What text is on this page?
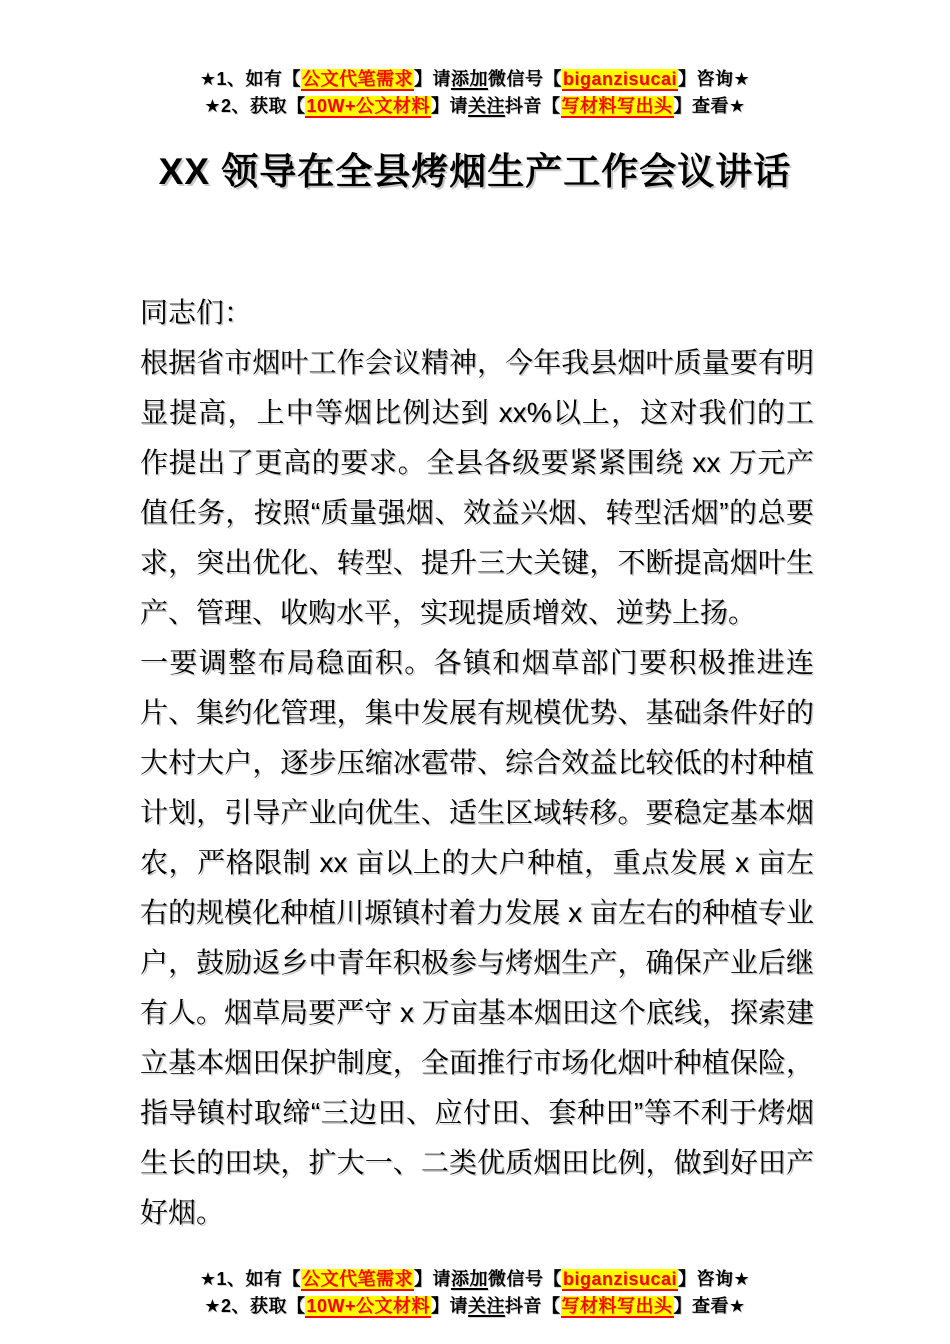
★1、如有【公文代笔需求】请添加微信号【biganzisucai】咨询★
★2、获取【10W+公文材料】请关注抖音【写材料写出头】查看★
XX 领导在全县烤烟生产工作会议讲话

同志们：

根据省市烟叶工作会议精神，今年我县烟叶质量要有明显提高，上中等烟比例达到 xx%以上，这对我们的工作提出了更高的要求。全县各级要紧紧围绕 xx 万元产值任务，按照“质量强烟、效益兴烟、转型活烟”的总要求，突出优化、转型、提升三大关键，不断提高烟叶生产、管理、收购水平，实现提质增效、逆势上扬。

一要调整布局稳面积。各镇和烟草部门要积极推进连片、集约化管理，集中发展有规模优势、基础条件好的大村大户，逐步压缩冰雹带、综合效益比较低的村种植计划，引导产业向优生、适生区域转移。要稳定基本烟农，严格限制 xx 亩以上的大户种植，重点发展 x 亩左右的规模化种植川塬镇村着力发展 x 亩左右的种植专业户，鼓励返乡中青年积极参与烤烟生产，确保产业后继有人。烟草局要严守 x 万亩基本烟田这个底线，探索建立基本烟田保护制度，全面推行市场化烟叶种植保险，指导镇村取缔“三边田、应付田、套种田”等不利于烤烟生长的田块，扩大一、二类优质烟田比例，做到好田产好烟。

★1、如有【公文代笔需求】请添加微信号【biganzisucai】咨询★
★2、获取【10W+公文材料】请关注抖音【写材料写出头】查看★
